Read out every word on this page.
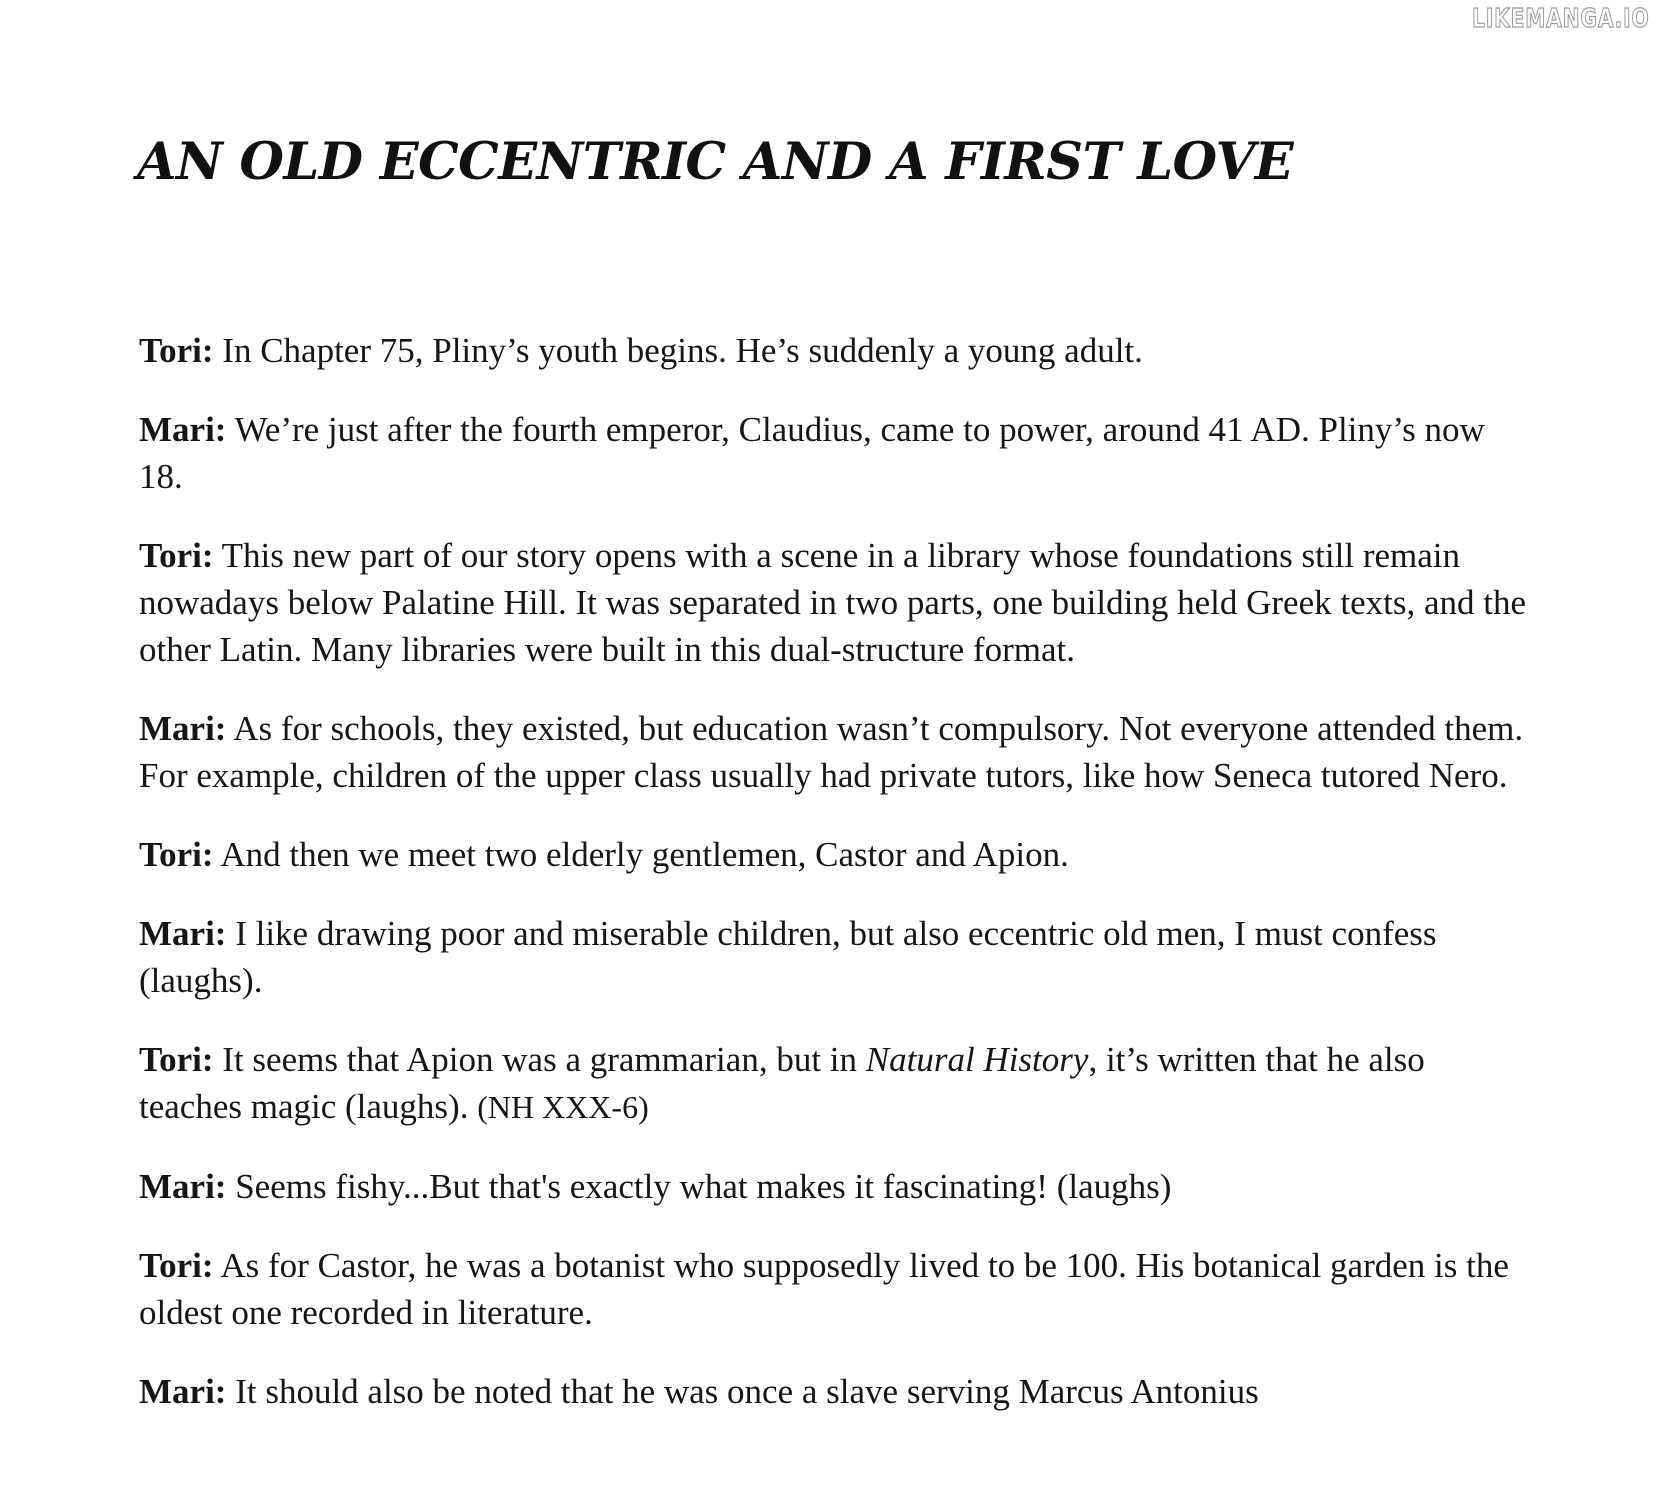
LIKEMANGA.IO
AN OLD ECCENTRIC AND A FIRST LOVE

Tori: In Chapter 75, Pliny’s youth begins. He’s suddenly a young adult.

Mari: We’re just after the fourth emperor, Claudius, came to power, around 41 AD. Pliny’s now 18.

Tori: This new part of our story opens with a scene in a library whose foundations still remain nowadays below Palatine Hill. It was separated in two parts, one building held Greek texts, and the other Latin. Many libraries were built in this dual-structure format.

Mari: As for schools, they existed, but education wasn’t compulsory. Not everyone attended them. For example, children of the upper class usually had private tutors, like how Seneca tutored Nero.

Tori: And then we meet two elderly gentlemen, Castor and Apion.

Mari: I like drawing poor and miserable children, but also eccentric old men, I must confess (laughs).

Tori: It seems that Apion was a grammarian, but in Natural History, it’s written that he also teaches magic (laughs). (NH XXX-6)

Mari: Seems fishy...But that's exactly what makes it fascinating! (laughs)

Tori: As for Castor, he was a botanist who supposedly lived to be 100. His botanical garden is the oldest one recorded in literature.

Mari: It should also be noted that he was once a slave serving Marcus Antonius
